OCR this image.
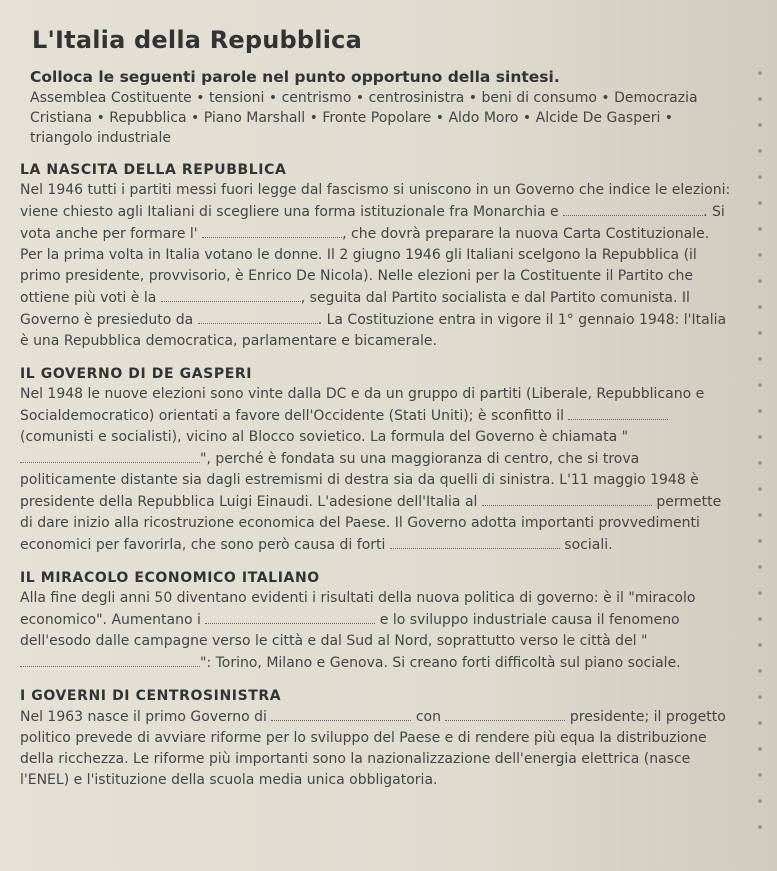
L'Italia della Repubblica
Colloca le seguenti parole nel punto opportuno della sintesi.
Assemblea Costituente • tensioni • centrismo • centrosinistra • beni di consumo • Democrazia Cristiana • Repubblica • Piano Marshall • Fronte Popolare • Aldo Moro • Alcide De Gasperi • triangolo industriale
LA NASCITA DELLA REPUBBLICA
Nel 1946 tutti i partiti messi fuori legge dal fascismo si uniscono in un Governo che indice le elezioni: viene chiesto agli Italiani di scegliere una forma istituzionale fra Monarchia e	. Si vota anche per formare l'	, che dovrà preparare la nuova Carta Costituzionale. Per la prima volta in Italia votano le donne. Il 2 giugno 1946 gli Italiani scelgono la Repubblica (il primo presidente, provvisorio, è Enrico De Nicola). Nelle elezioni per la Costituente il Partito che ottiene più voti è la	, seguita dal Partito socialista e dal Partito comunista. Il Governo è presieduto da	. La Costituzione entra in vigore il 1° gennaio 1948: l'Italia è una Repubblica democratica, parlamentare e bicamerale.
IL GOVERNO DI DE GASPERI
Nel 1948 le nuove elezioni sono vinte dalla DC e da un gruppo di partiti (Liberale, Repubblicano e Socialdemocratico) orientati a favore dell'Occidente (Stati Uniti); è sconfitto il  (comunisti e socialisti), vicino al Blocco sovietico. La formula del Governo è chiamata "", perché è fondata su una maggioranza di centro, che si trova politicamente distante sia dagli estremismi di destra sia da quelli di sinistra. L'11 maggio 1948 è presidente della Repubblica Luigi Einaudi. L'adesione dell'Italia al	permette di dare inizio alla ricostruzione economica del Paese. Il Governo adotta importanti provvedimenti economici per favorirla, che sono però causa di forti	sociali.
IL MIRACOLO ECONOMICO ITALIANO
Alla fine degli anni 50 diventano evidenti i risultati della nuova politica di governo: è il "miracolo economico". Aumentano i	e lo sviluppo industriale causa il fenomeno dell'esodo dalle campagne verso le città e dal Sud al Nord, soprattutto verso le città del "": Torino, Milano e Genova. Si creano forti difficoltà sul piano sociale.
I GOVERNI DI CENTROSINISTRA
Nel 1963 nasce il primo Governo di	con	presidente; il progetto politico prevede di avviare riforme per lo sviluppo del Paese e di rendere più equa la distribuzione della ricchezza. Le riforme più importanti sono la nazionalizzazione dell'energia elettrica (nasce l'ENEL) e l'istituzione della scuola media unica obbligatoria.
